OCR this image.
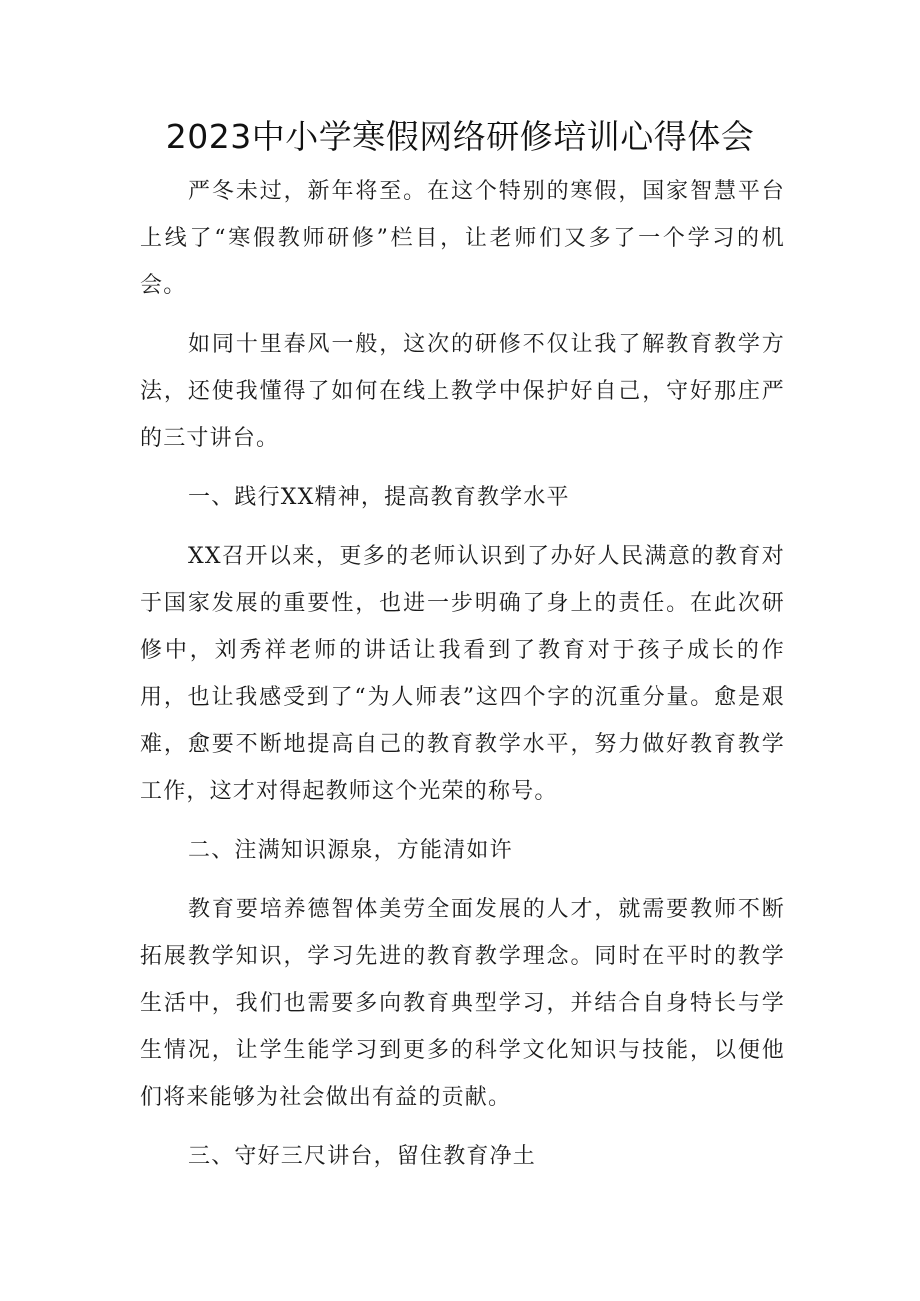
2023中小学寒假网络研修培训心得体会

严冬未过，新年将至。在这个特别的寒假，国家智慧平台上线了“寒假教师研修”栏目，让老师们又多了一个学习的机会。

如同十里春风一般，这次的研修不仅让我了解教育教学方法，还使我懂得了如何在线上教学中保护好自己，守好那庄严的三寸讲台。

一、践行XX精神，提高教育教学水平

XX召开以来，更多的老师认识到了办好人民满意的教育对于国家发展的重要性，也进一步明确了身上的责任。在此次研修中，刘秀祥老师的讲话让我看到了教育对于孩子成长的作用，也让我感受到了“为人师表”这四个字的沉重分量。愈是艰难，愈要不断地提高自己的教育教学水平，努力做好教育教学工作，这才对得起教师这个光荣的称号。

二、注满知识源泉，方能清如许

教育要培养德智体美劳全面发展的人才，就需要教师不断拓展教学知识，学习先进的教育教学理念。同时在平时的教学生活中，我们也需要多向教育典型学习，并结合自身特长与学生情况，让学生能学习到更多的科学文化知识与技能，以便他们将来能够为社会做出有益的贡献。

三、守好三尺讲台，留住教育净土
